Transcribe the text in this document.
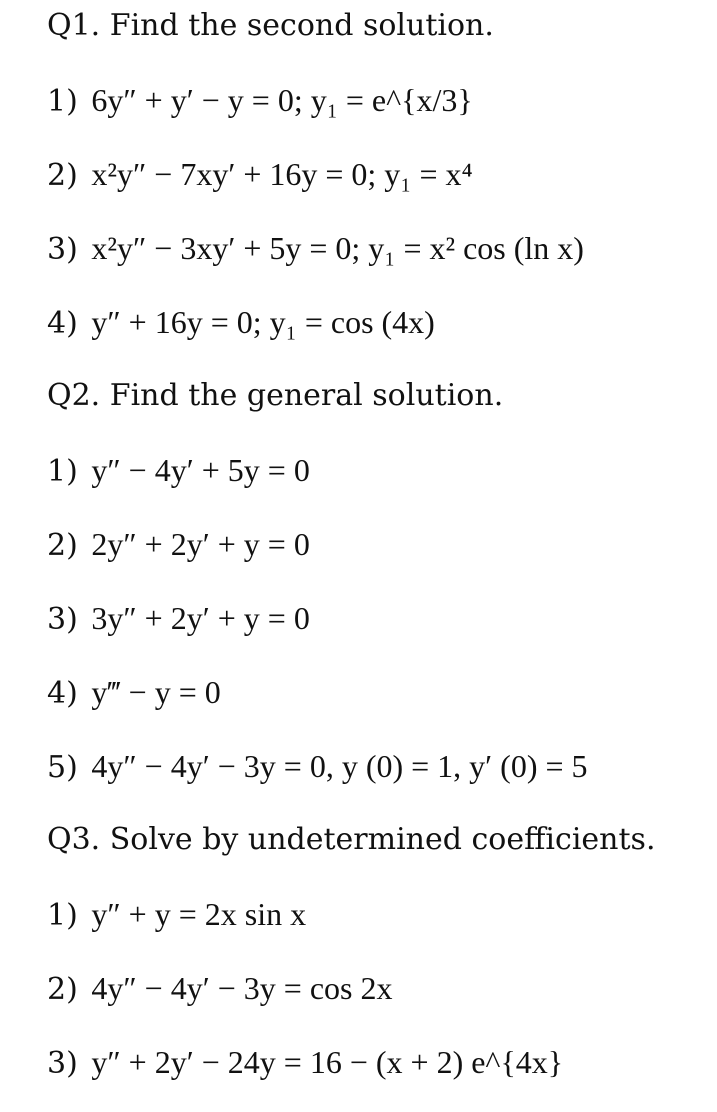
Q1. Find the second solution.
1) 6y″ + y′ − y = 0; y₁ = e^{x/3}
2) x²y″ − 7xy′ + 16y = 0; y₁ = x⁴
3) x²y″ − 3xy′ + 5y = 0; y₁ = x² cos (ln x)
4) y″ + 16y = 0; y₁ = cos (4x)
Q2. Find the general solution.
1) y″ − 4y′ + 5y = 0
2) 2y″ + 2y′ + y = 0
3) 3y″ + 2y′ + y = 0
4) y‴ − y = 0
5) 4y″ − 4y′ − 3y = 0, y (0) = 1, y′ (0) = 5
Q3. Solve by undetermined coefficients.
1) y″ + y = 2x sin x
2) 4y″ − 4y′ − 3y = cos 2x
3) y″ + 2y′ − 24y = 16 − (x + 2) e^{4x}
